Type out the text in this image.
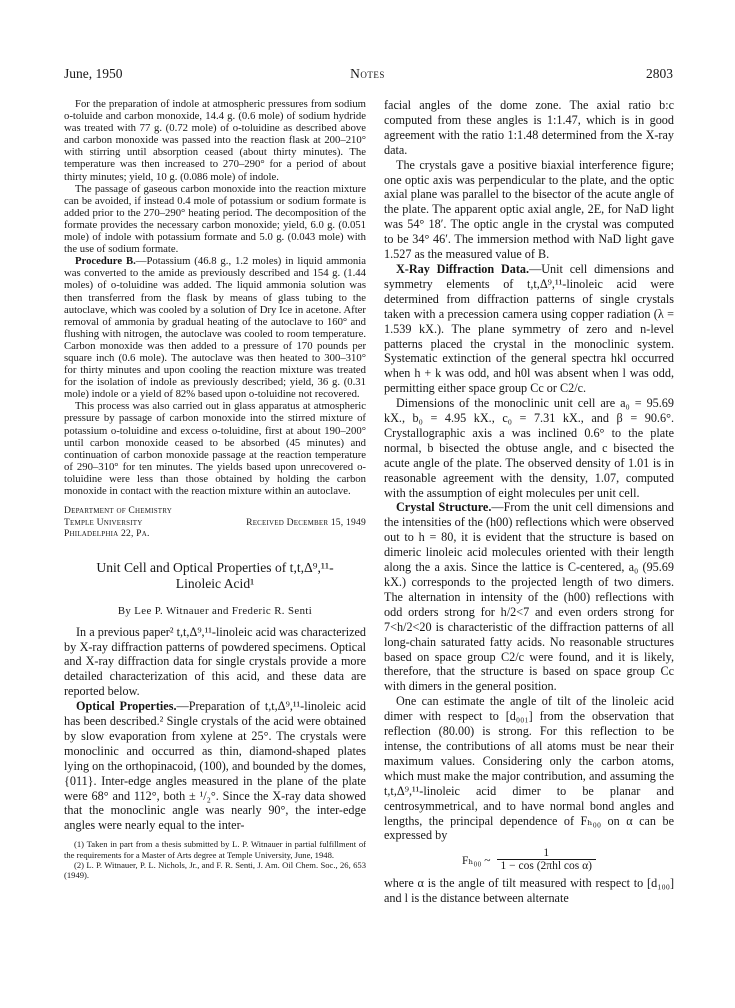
June, 1950	Notes	2803

For the preparation of indole at atmospheric pressures from sodium o-toluide and carbon monoxide, 14.4 g. (0.6 mole) of sodium hydride was treated with 77 g. (0.72 mole) of o-toluidine as described above and carbon monoxide was passed into the reaction flask at 200–210° with stirring until absorption ceased (about thirty minutes). The temperature was then increased to 270–290° for a period of about thirty minutes; yield, 10 g. (0.086 mole) of indole.

The passage of gaseous carbon monoxide into the reaction mixture can be avoided, if instead 0.4 mole of potassium or sodium formate is added prior to the 270–290° heating period. The decomposition of the formate provides the necessary carbon monoxide; yield, 6.0 g. (0.051 mole) of indole with potassium formate and 5.0 g. (0.043 mole) with the use of sodium formate.

Procedure B.—Potassium (46.8 g., 1.2 moles) in liquid ammonia was converted to the amide as previously described and 154 g. (1.44 moles) of o-toluidine was added. The liquid ammonia solution was then transferred from the flask by means of glass tubing to the autoclave, which was cooled by a solution of Dry Ice in acetone. After removal of ammonia by gradual heating of the autoclave to 160° and flushing with nitrogen, the autoclave was cooled to room temperature. Carbon monoxide was then added to a pressure of 170 pounds per square inch (0.6 mole). The autoclave was then heated to 300–310° for thirty minutes and upon cooling the reaction mixture was treated for the isolation of indole as previously described; yield, 36 g. (0.31 mole) indole or a yield of 82% based upon o-toluidine not recovered.

This process was also carried out in glass apparatus at atmospheric pressure by passage of carbon monoxide into the stirred mixture of potassium o-toluidine and excess o-toluidine, first at about 190–200° until carbon monoxide ceased to be absorbed (45 minutes) and continuation of carbon monoxide passage at the reaction temperature of 290–310° for ten minutes. The yields based upon unrecovered o-toluidine were less than those obtained by holding the carbon monoxide in contact with the reaction mixture within an autoclave.

Department of Chemistry
Temple University	Received December 15, 1949
Philadelphia 22, Pa.
Unit Cell and Optical Properties of t,t,Δ⁹,¹¹-
Linoleic Acid¹
By Lee P. Witnauer and Frederic R. Senti

In a previous paper² t,t,Δ⁹,¹¹-linoleic acid was characterized by X-ray diffraction patterns of powdered specimens. Optical and X-ray diffraction data for single crystals provide a more detailed characterization of this acid, and these data are reported below.

Optical Properties.—Preparation of t,t,Δ⁹,¹¹-linoleic acid has been described.² Single crystals of the acid were obtained by slow evaporation from xylene at 25°. The crystals were monoclinic and occurred as thin, diamond-shaped plates lying on the orthopinacoid, (100), and bounded by the domes, {011}. Inter-edge angles measured in the plane of the plate were 68° and 112°, both ± ¹/₂°. Since the X-ray data showed that the monoclinic angle was nearly 90°, the inter-edge angles were nearly equal to the inter-

(1) Taken in part from a thesis submitted by L. P. Witnauer in partial fulfillment of the requirements for a Master of Arts degree at Temple University, June, 1948.
(2) L. P. Witnauer, P. L. Nichols, Jr., and F. R. Senti, J. Am. Oil Chem. Soc., 26, 653 (1949).

facial angles of the dome zone. The axial ratio b:c computed from these angles is 1:1.47, which is in good agreement with the ratio 1:1.48 determined from the X-ray data.

The crystals gave a positive biaxial interference figure; one optic axis was perpendicular to the plate, and the optic axial plane was parallel to the bisector of the acute angle of the plate. The apparent optic axial angle, 2E, for NaD light was 54° 18′. The optic angle in the crystal was computed to be 34° 46′. The immersion method with NaD light gave 1.527 as the measured value of B.

X-Ray Diffraction Data.—Unit cell dimensions and symmetry elements of t,t,Δ⁹,¹¹-linoleic acid were determined from diffraction patterns of single crystals taken with a precession camera using copper radiation (λ = 1.539 kX.). The plane symmetry of zero and n-level patterns placed the crystal in the monoclinic system. Systematic extinction of the general spectra hkl occurred when h + k was odd, and h0l was absent when l was odd, permitting either space group Cc or C2/c.

Dimensions of the monoclinic unit cell are a₀ = 95.69 kX., b₀ = 4.95 kX., c₀ = 7.31 kX., and β = 90.6°. Crystallographic axis a was inclined 0.6° to the plate normal, b bisected the obtuse angle, and c bisected the acute angle of the plate. The observed density of 1.01 is in reasonable agreement with the density, 1.07, computed with the assumption of eight molecules per unit cell.

Crystal Structure.—From the unit cell dimensions and the intensities of the (h00) reflections which were observed out to h = 80, it is evident that the structure is based on dimeric linoleic acid molecules oriented with their length along the a axis. Since the lattice is C-centered, a₀ (95.69 kX.) corresponds to the projected length of two dimers. The alternation in intensity of the (h00) reflections with odd orders strong for h/2<7 and even orders strong for 7<h/2<20 is characteristic of the diffraction patterns of all long-chain saturated fatty acids. No reasonable structures based on space group C2/c were found, and it is likely, therefore, that the structure is based on space group Cc with dimers in the general position.

One can estimate the angle of tilt of the linoleic acid dimer with respect to [d₀₀₁] from the observation that reflection (80.00) is strong. For this reflection to be intense, the contributions of all atoms must be near their maximum values. Considering only the carbon atoms, which must make the major contribution, and assuming the t,t,Δ⁹,¹¹-linoleic acid dimer to be planar and centrosymmetrical, and to have normal bond angles and lengths, the principal dependence of Fₕ₀₀ on α can be expressed by

Fₕ₀₀ ~ $\frac{1}{\text{1 − cos (2πhl cos α)}}$

where α is the angle of tilt measured with respect to [d₁₀₀] and l is the distance between alternate
